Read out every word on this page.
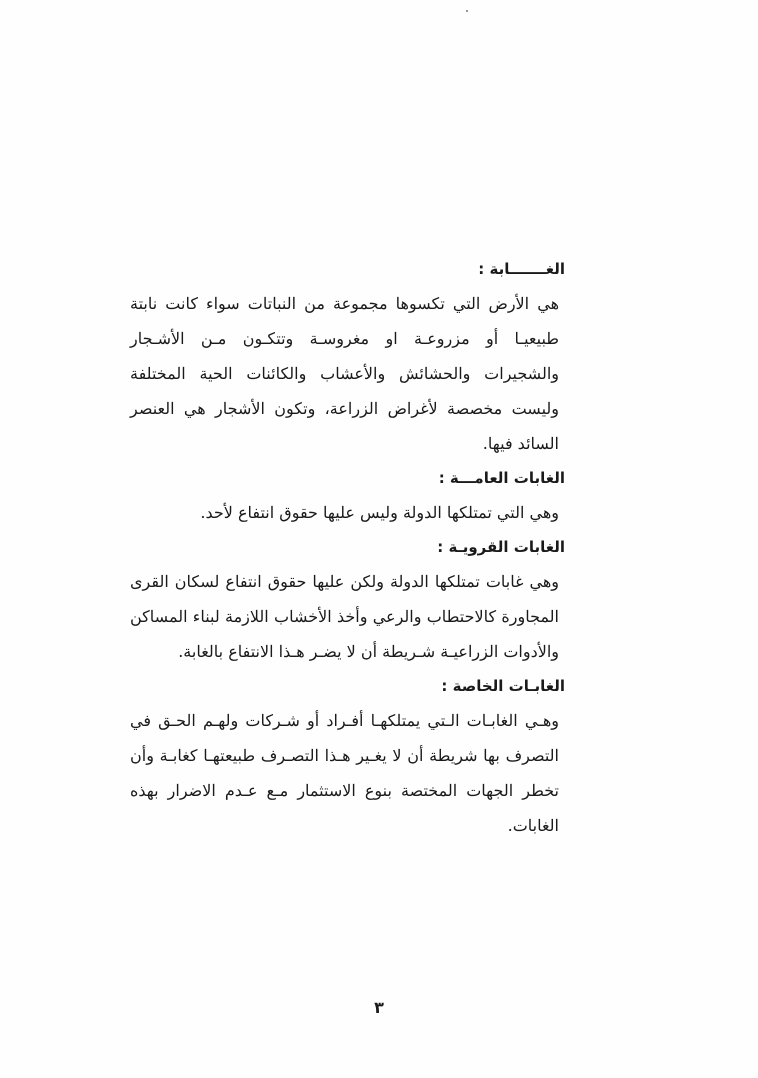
الغـــــــابة :

هي الأرض التي تكسوها مجموعة من النباتات سواء كانت نابتة طبيعيـا أو مزروعـة او مغروسـة وتتكـون مـن الأشـجار والشجيرات والحشائش والأعشاب والكائنات الحية المختلفة وليست مخصصة لأغراض الزراعة، وتكون الأشجار هي العنصر السائد فيها.

الغابات العامـــة :

وهي التي تمتلكها الدولة وليس عليها حقوق انتفاع لأحد.

الغابات القرويـة :

وهي غابات تمتلكها الدولة ولكن عليها حقوق انتفاع لسكان القرى المجاورة كالاحتطاب والرعي وأخذ الأخشاب اللازمة لبناء المساكن والأدوات الزراعيـة شـريطة أن لا يضـر هـذا الانتفاع بالغابة.

الغابـات الخاصة :

وهـي الغابـات الـتي يمتلكهـا أفـراد أو شـركات ولهـم الحـق في التصرف بها شريطة أن لا يغـير هـذا التصـرف طبيعتهـا كغابـة وأن تخطر الجهات المختصة بنوع الاستثمار مـع عـدم الاضرار بهذه الغابات.

٣
